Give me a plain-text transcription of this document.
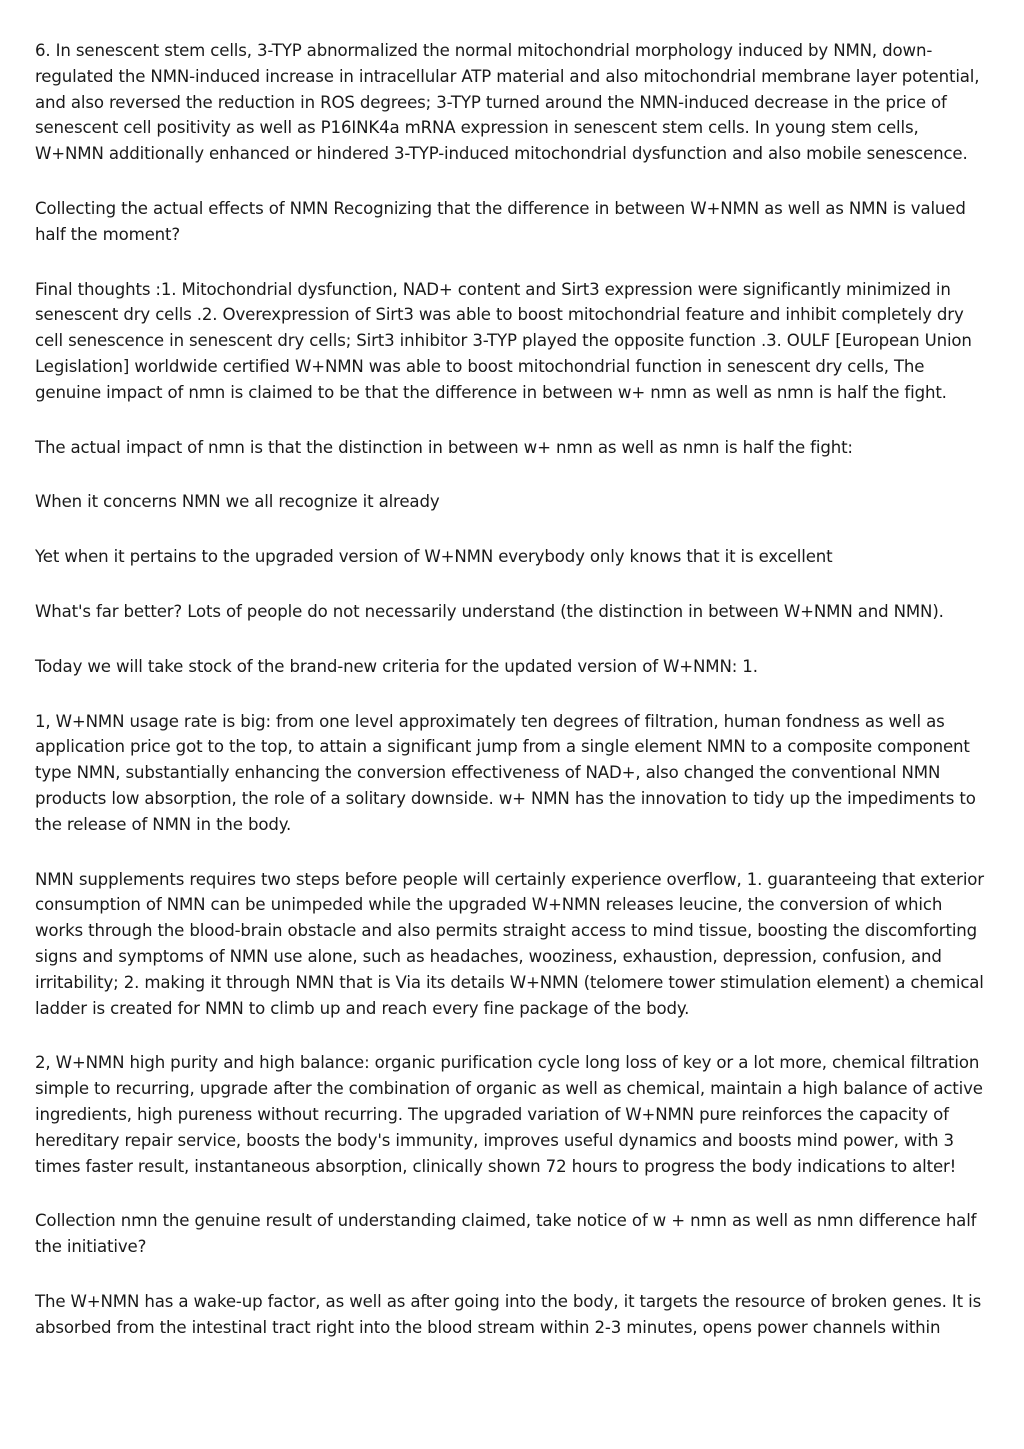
6. In senescent stem cells, 3-TYP abnormalized the normal mitochondrial morphology induced by NMN, down-regulated the NMN-induced increase in intracellular ATP material and also mitochondrial membrane layer potential, and also reversed the reduction in ROS degrees; 3-TYP turned around the NMN-induced decrease in the price of senescent cell positivity as well as P16INK4a mRNA expression in senescent stem cells. In young stem cells, W+NMN additionally enhanced or hindered 3-TYP-induced mitochondrial dysfunction and also mobile senescence.

Collecting the actual effects of NMN Recognizing that the difference in between W+NMN as well as NMN is valued half the moment?

Final thoughts :1. Mitochondrial dysfunction, NAD+ content and Sirt3 expression were significantly minimized in senescent dry cells .2. Overexpression of Sirt3 was able to boost mitochondrial feature and inhibit completely dry cell senescence in senescent dry cells; Sirt3 inhibitor 3-TYP played the opposite function .3. OULF [European Union Legislation] worldwide certified W+NMN was able to boost mitochondrial function in senescent dry cells, The genuine impact of nmn is claimed to be that the difference in between w+ nmn as well as nmn is half the fight.

The actual impact of nmn is that the distinction in between w+ nmn as well as nmn is half the fight:

When it concerns NMN we all recognize it already

Yet when it pertains to the upgraded version of W+NMN everybody only knows that it is excellent

What's far better? Lots of people do not necessarily understand (the distinction in between W+NMN and NMN).

Today we will take stock of the brand-new criteria for the updated version of W+NMN: 1.

1, W+NMN usage rate is big: from one level approximately ten degrees of filtration, human fondness as well as application price got to the top, to attain a significant jump from a single element NMN to a composite component type NMN, substantially enhancing the conversion effectiveness of NAD+, also changed the conventional NMN products low absorption, the role of a solitary downside. w+ NMN has the innovation to tidy up the impediments to the release of NMN in the body.

NMN supplements requires two steps before people will certainly experience overflow, 1. guaranteeing that exterior consumption of NMN can be unimpeded while the upgraded W+NMN releases leucine, the conversion of which works through the blood-brain obstacle and also permits straight access to mind tissue, boosting the discomforting signs and symptoms of NMN use alone, such as headaches, wooziness, exhaustion, depression, confusion, and irritability; 2. making it through NMN that is Via its details W+NMN (telomere tower stimulation element) a chemical ladder is created for NMN to climb up and reach every fine package of the body.

2, W+NMN high purity and high balance: organic purification cycle long loss of key or a lot more, chemical filtration simple to recurring, upgrade after the combination of organic as well as chemical, maintain a high balance of active ingredients, high pureness without recurring. The upgraded variation of W+NMN pure reinforces the capacity of hereditary repair service, boosts the body's immunity, improves useful dynamics and boosts mind power, with 3 times faster result, instantaneous absorption, clinically shown 72 hours to progress the body indications to alter!

Collection nmn the genuine result of understanding claimed, take notice of w + nmn as well as nmn difference half the initiative?

The W+NMN has a wake-up factor, as well as after going into the body, it targets the resource of broken genes. It is absorbed from the intestinal tract right into the blood stream within 2-3 minutes, opens power channels within
